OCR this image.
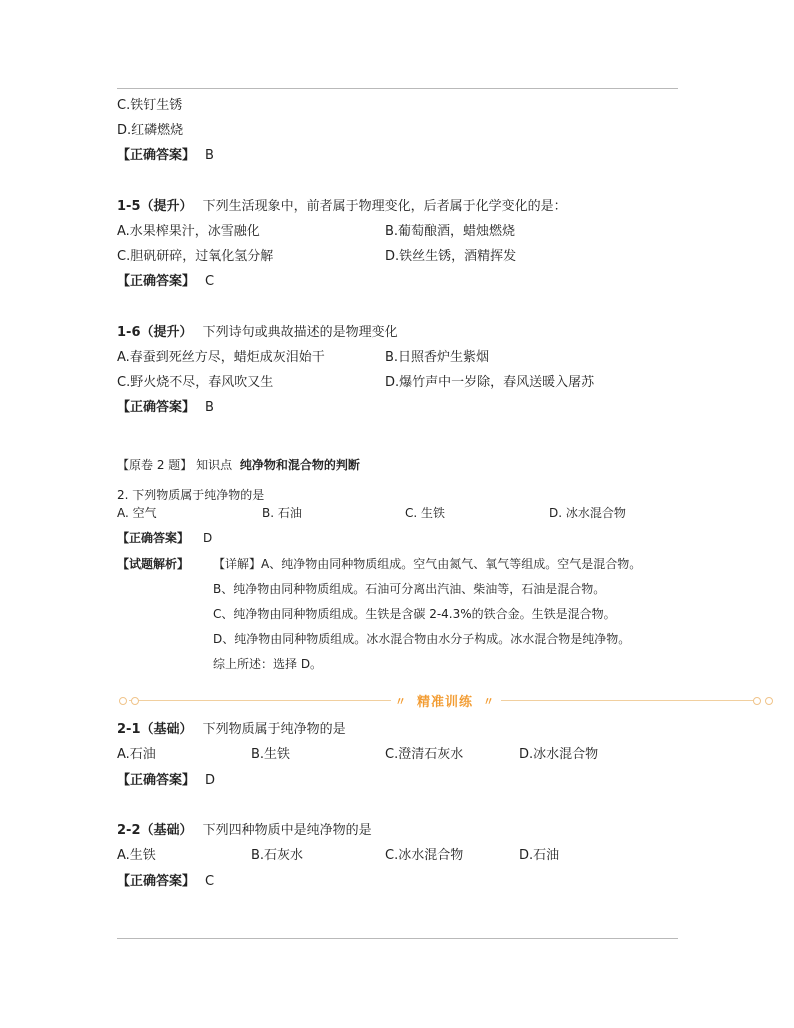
C.铁钉生锈
D.红磷燃烧
【正确答案】 B
1-5（提升） 下列生活现象中，前者属于物理变化，后者属于化学变化的是：
A.水果榨果汁，冰雪融化	B.葡萄酿酒，蜡烛燃烧
C.胆矾研碎，过氧化氢分解	D.铁丝生锈，酒精挥发
【正确答案】 C
1-6（提升） 下列诗句或典故描述的是物理变化
A.春蚕到死丝方尽，蜡炬成灰泪始干	B.日照香炉生紫烟
C.野火烧不尽，春风吹又生	D.爆竹声中一岁除，春风送暖入屠苏
【正确答案】 B
【原卷 2 题】 知识点 纯净物和混合物的判断
2. 下列物质属于纯净物的是
A. 空气	B. 石油	C. 生铁	D. 冰水混合物
【正确答案】 D
【试题解析】 【详解】A、纯净物由同种物质组成。空气由氮气、氧气等组成。空气是混合物。
B、纯净物由同种物质组成。石油可分离出汽油、柴油等，石油是混合物。
C、纯净物由同种物质组成。生铁是含碳 2-4.3%的铁合金。生铁是混合物。
D、纯净物由同种物质组成。冰水混合物由水分子构成。冰水混合物是纯净物。
综上所述：选择 D。
〃 精准训练 〃
2-1（基础） 下列物质属于纯净物的是
A.石油	B.生铁	C.澄清石灰水	D.冰水混合物
【正确答案】 D
2-2（基础） 下列四种物质中是纯净物的是
A.生铁	B.石灰水	C.冰水混合物	D.石油
【正确答案】 C
